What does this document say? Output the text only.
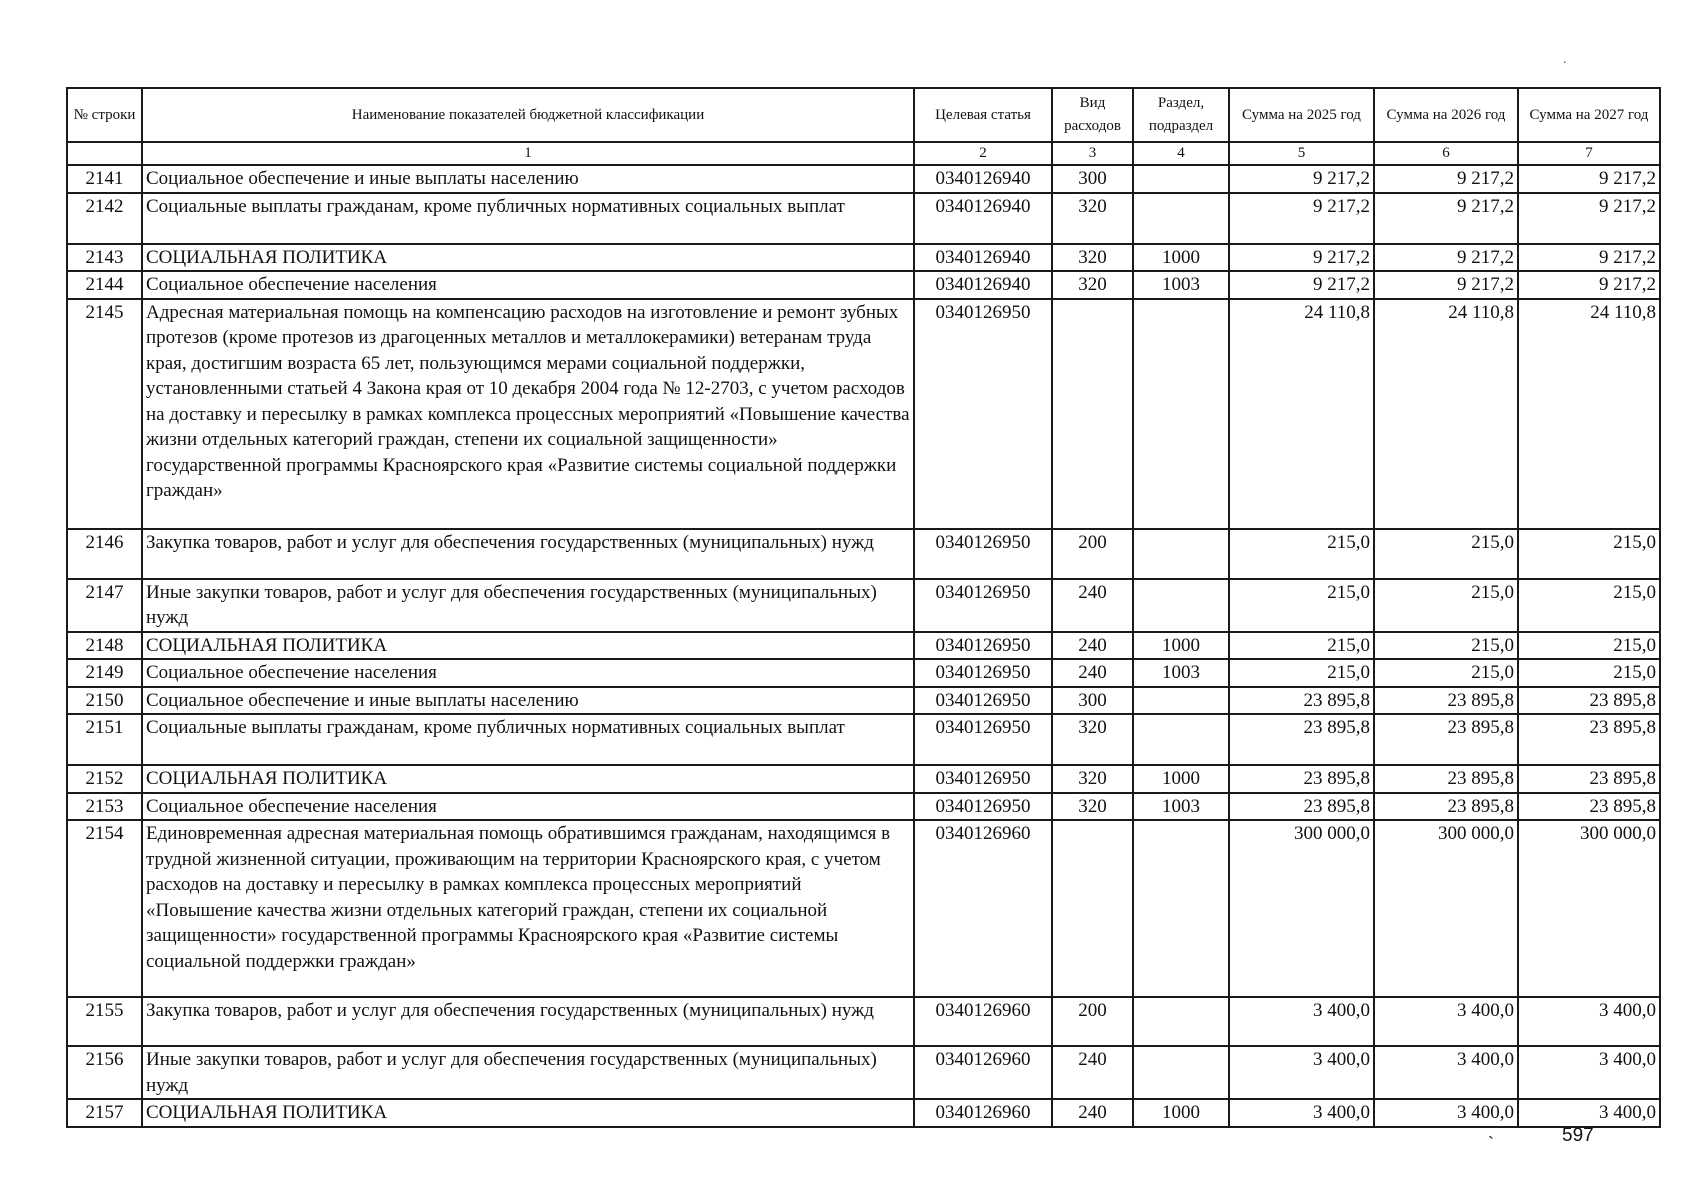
.
№ строки	Наименование показателей бюджетной классификации	Целевая статья	Вид расходов	Раздел, подраздел	Сумма на 2025 год	Сумма на 2026 год	Сумма на 2027 год
	1	2	3	4	5	6	7
2141	Социальное обеспечение и иные выплаты населению	0340126940	300		9 217,2	9 217,2	9 217,2
2142	Социальные выплаты гражданам, кроме публичных нормативных социальных выплат	0340126940	320		9 217,2	9 217,2	9 217,2
2143	СОЦИАЛЬНАЯ ПОЛИТИКА	0340126940	320	1000	9 217,2	9 217,2	9 217,2
2144	Социальное обеспечение населения	0340126940	320	1003	9 217,2	9 217,2	9 217,2
2145	Адресная материальная помощь на компенсацию расходов на изготовление и ремонт зубных протезов (кроме протезов из драгоценных металлов и металлокерамики) ветеранам труда края, достигшим возраста 65 лет, пользующимся мерами социальной поддержки, установленными статьей 4 Закона края от 10 декабря 2004 года № 12-2703, с учетом расходов на доставку и пересылку в рамках комплекса процессных мероприятий «Повышение качества жизни отдельных категорий граждан, степени их социальной защищенности» государственной программы Красноярского края «Развитие системы социальной поддержки граждан»	0340126950			24 110,8	24 110,8	24 110,8
2146	Закупка товаров, работ и услуг для обеспечения государственных (муниципальных) нужд	0340126950	200		215,0	215,0	215,0
2147	Иные закупки товаров, работ и услуг для обеспечения государственных (муниципальных) нужд	0340126950	240		215,0	215,0	215,0
2148	СОЦИАЛЬНАЯ ПОЛИТИКА	0340126950	240	1000	215,0	215,0	215,0
2149	Социальное обеспечение населения	0340126950	240	1003	215,0	215,0	215,0
2150	Социальное обеспечение и иные выплаты населению	0340126950	300		23 895,8	23 895,8	23 895,8
2151	Социальные выплаты гражданам, кроме публичных нормативных социальных выплат	0340126950	320		23 895,8	23 895,8	23 895,8
2152	СОЦИАЛЬНАЯ ПОЛИТИКА	0340126950	320	1000	23 895,8	23 895,8	23 895,8
2153	Социальное обеспечение населения	0340126950	320	1003	23 895,8	23 895,8	23 895,8
2154	Единовременная адресная материальная помощь обратившимся гражданам, находящимся в трудной жизненной ситуации, проживающим на территории Красноярского края, с учетом расходов на доставку и пересылку в рамках комплекса процессных мероприятий «Повышение качества жизни отдельных категорий граждан, степени их социальной защищенности» государственной программы Красноярского края «Развитие системы социальной поддержки граждан»	0340126960			300 000,0	300 000,0	300 000,0
2155	Закупка товаров, работ и услуг для обеспечения государственных (муниципальных) нужд	0340126960	200		3 400,0	3 400,0	3 400,0
2156	Иные закупки товаров, работ и услуг для обеспечения государственных (муниципальных) нужд	0340126960	240		3 400,0	3 400,0	3 400,0
2157	СОЦИАЛЬНАЯ ПОЛИТИКА	0340126960	240	1000	3 400,0	3 400,0	3 400,0
`	597
